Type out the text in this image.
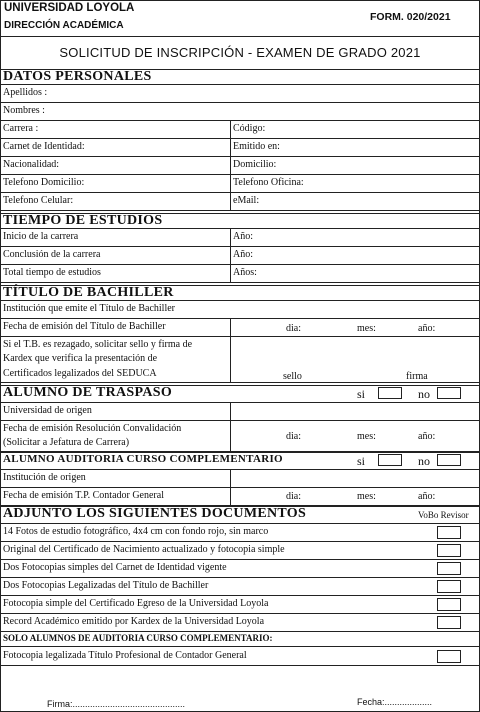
UNIVERSIDAD LOYOLA
DIRECCIÓN ACADÉMICA
FORM. 020/2021
SOLICITUD DE INSCRIPCIÓN - EXAMEN DE GRADO 2021
DATOS PERSONALES
Apellidos :
Nombres :
Carrera :	Código:
Carnet de Identidad:	Emitido en:
Nacionalidad:	Domicilio:
Telefono Domicilio:	Telefono Oficina:
Telefono Celular:	eMail:
TIEMPO DE ESTUDIOS
Inicio de la carrera	Año:
Conclusión de la carrera	Año:
Total tiempo de estudios	Años:
TÍTULO DE BACHILLER
Institución que emite el Título de Bachiller
Fecha de emisión del Título de Bachiller	dia:	mes:	año:
Si el T.B. es rezagado, solicitar sello y firma de
Kardex que verifica la presentación de
Certificados legalizados del SEDUCA	sello	firma
ALUMNO DE TRASPASO	si	no
Universidad de origen
Fecha de emisión Resolución Convalidación
(Solicitar a Jefatura de Carrera)
dia:	mes:	año:
ALUMNO AUDITORIA CURSO COMPLEMENTARIO	si	no
Institución de origen
Fecha de emisión T.P. Contador General	dia:	mes:	año:
ADJUNTO LOS SIGUIENTES DOCUMENTOS	VoBo Revisor
14 Fotos de estudio fotográfico, 4x4 cm con fondo rojo, sin marco
Original del Certificado de Nacimiento actualizado y fotocopia simple
Dos Fotocopias simples del Carnet de Identidad vigente
Dos Fotocopias Legalizadas del Título de Bachiller
Fotocopia simple del Certificado Egreso de la Universidad Loyola
Record Académico emitido por Kardex de la Universidad Loyola
SOLO ALUMNOS DE AUDITORIA CURSO COMPLEMENTARIO:
Fotocopia legalizada Título Profesional de Contador General
Firma:.............................................	Fecha:...................
